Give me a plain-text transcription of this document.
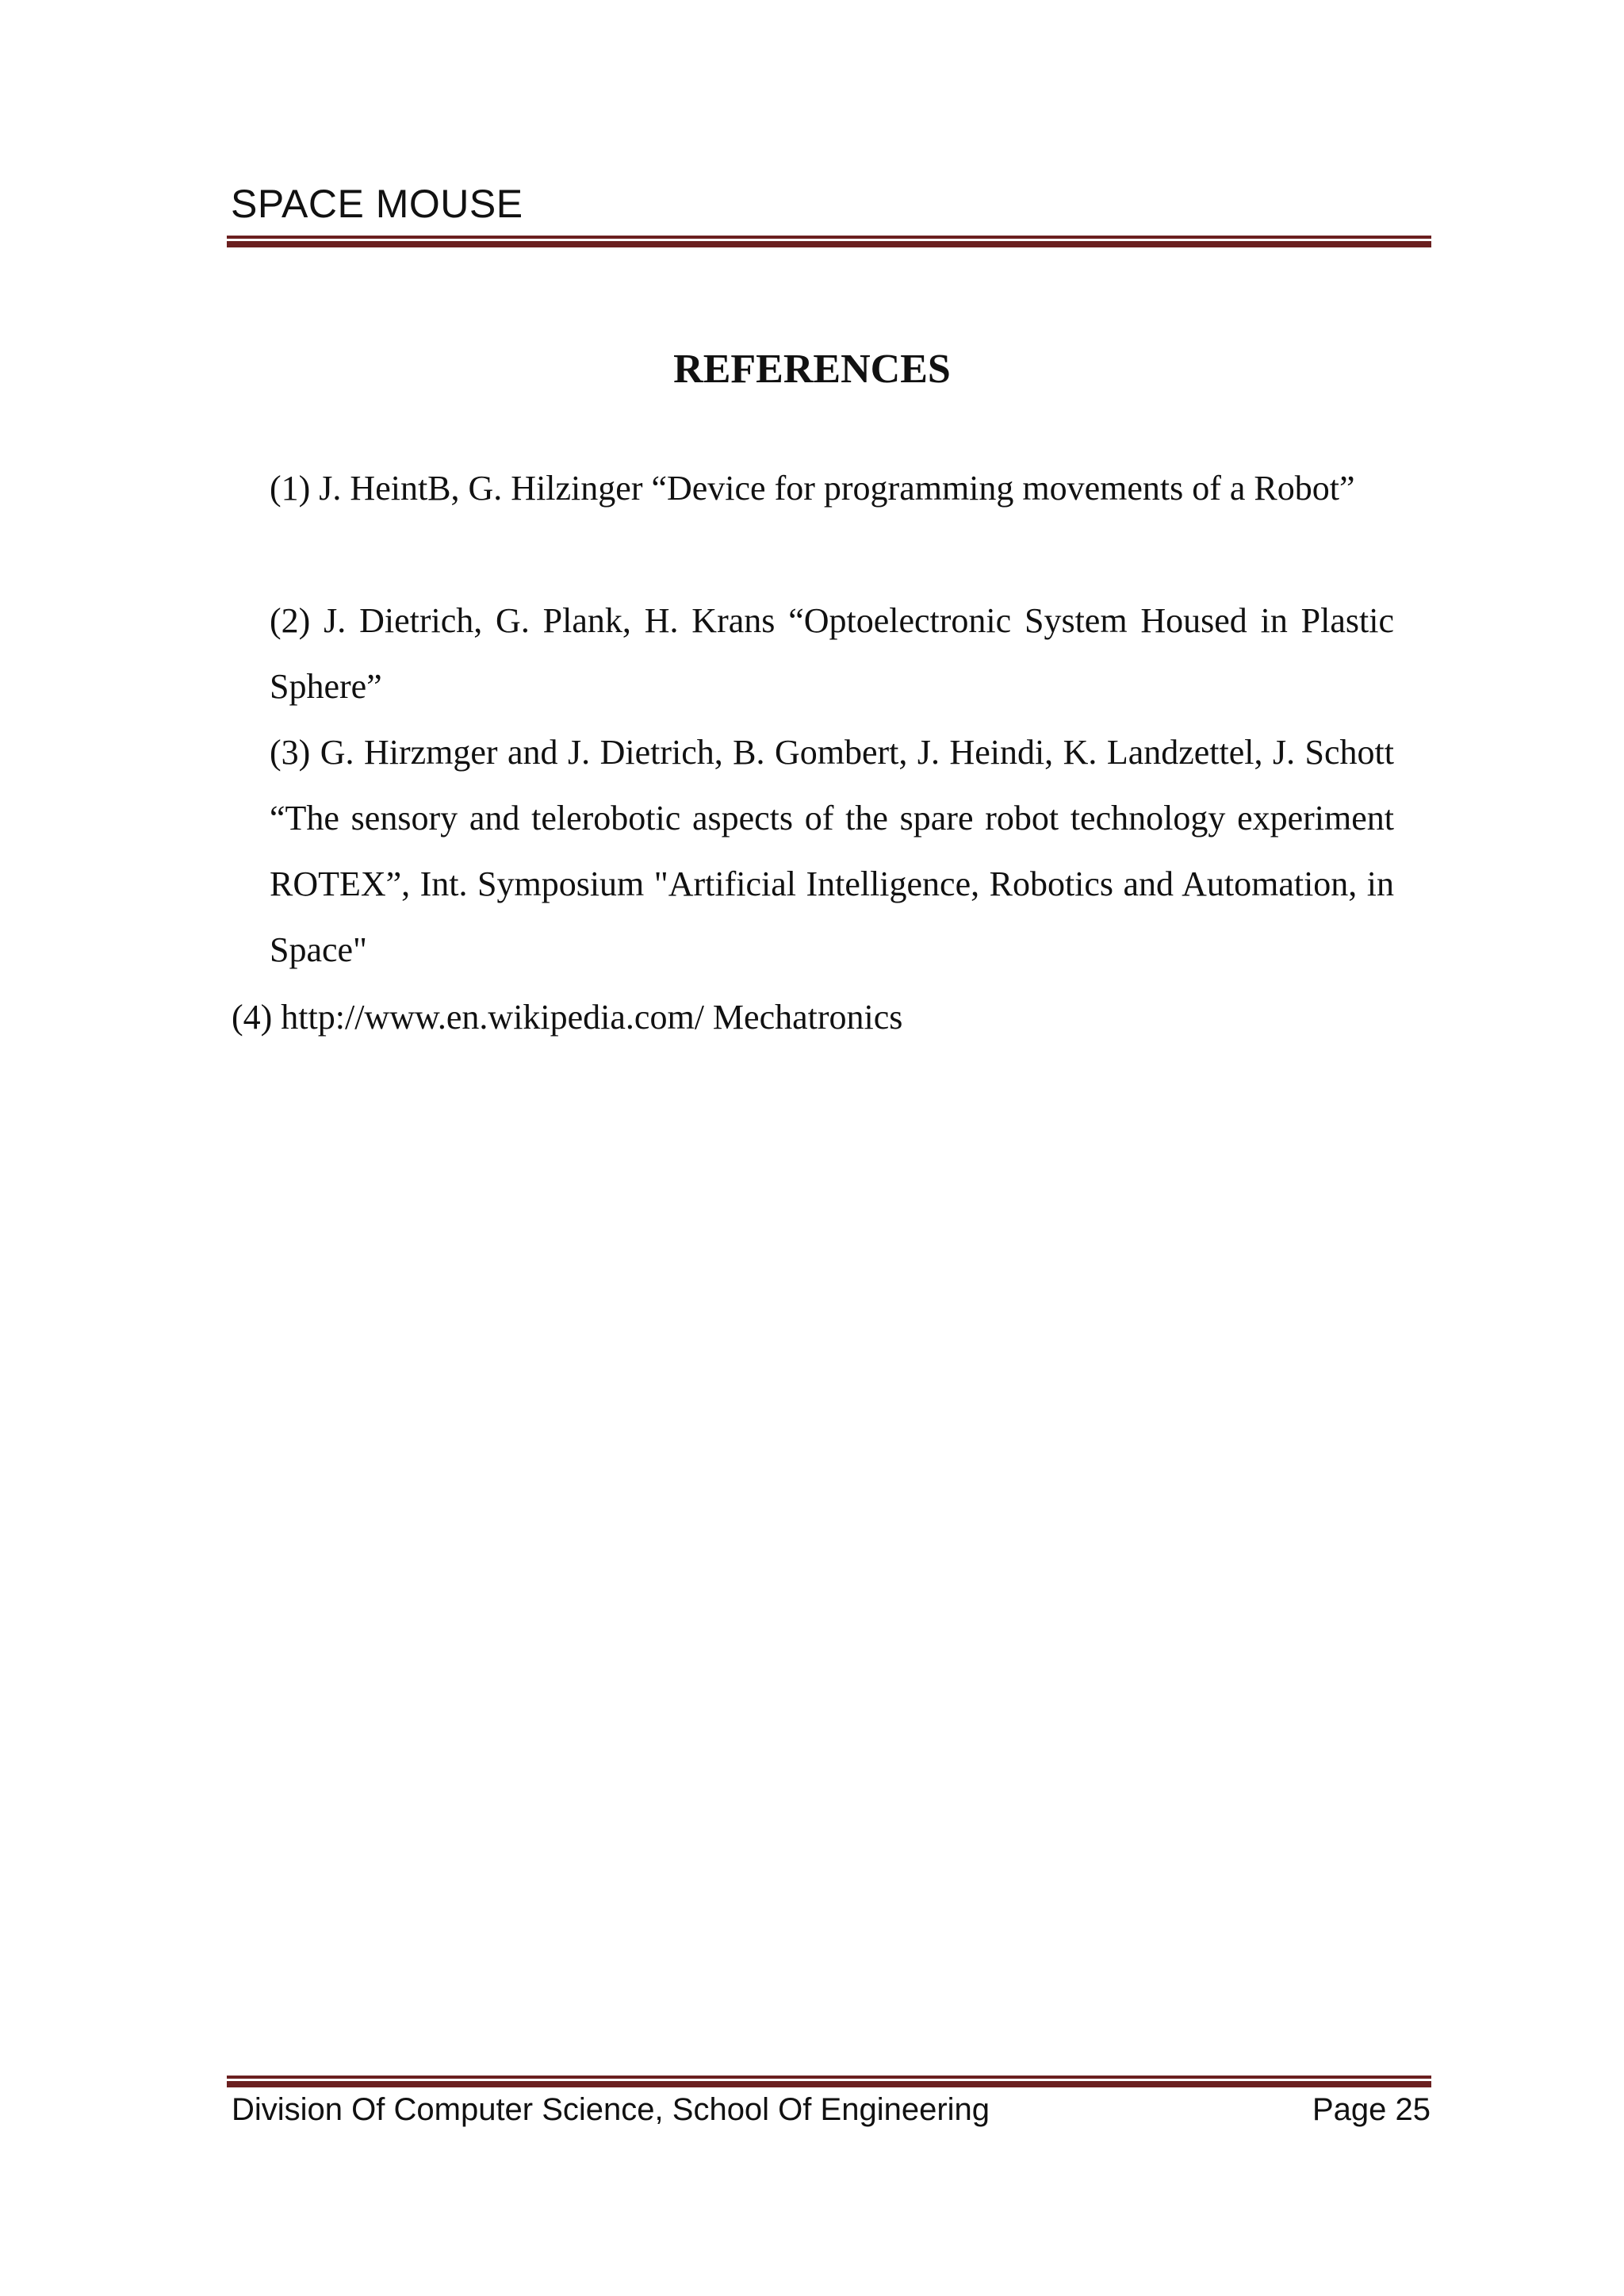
SPACE MOUSE
REFERENCES
(1) J. HeintB, G. Hilzinger “Device for programming movements of a Robot”
(2) J. Dietrich, G. Plank, H. Krans “Optoelectronic System Housed in Plastic Sphere”
(3) G. Hirzmger and J. Dietrich, B. Gombert, J. Heindi, K. Landzettel, J. Schott “The sensory and telerobotic aspects of the spare robot technology experiment ROTEX”, Int. Symposium "Artificial Intelligence, Robotics and Automation, in Space"
(4) http://www.en.wikipedia.com/ Mechatronics
Division Of Computer Science, School Of Engineering	Page 25
